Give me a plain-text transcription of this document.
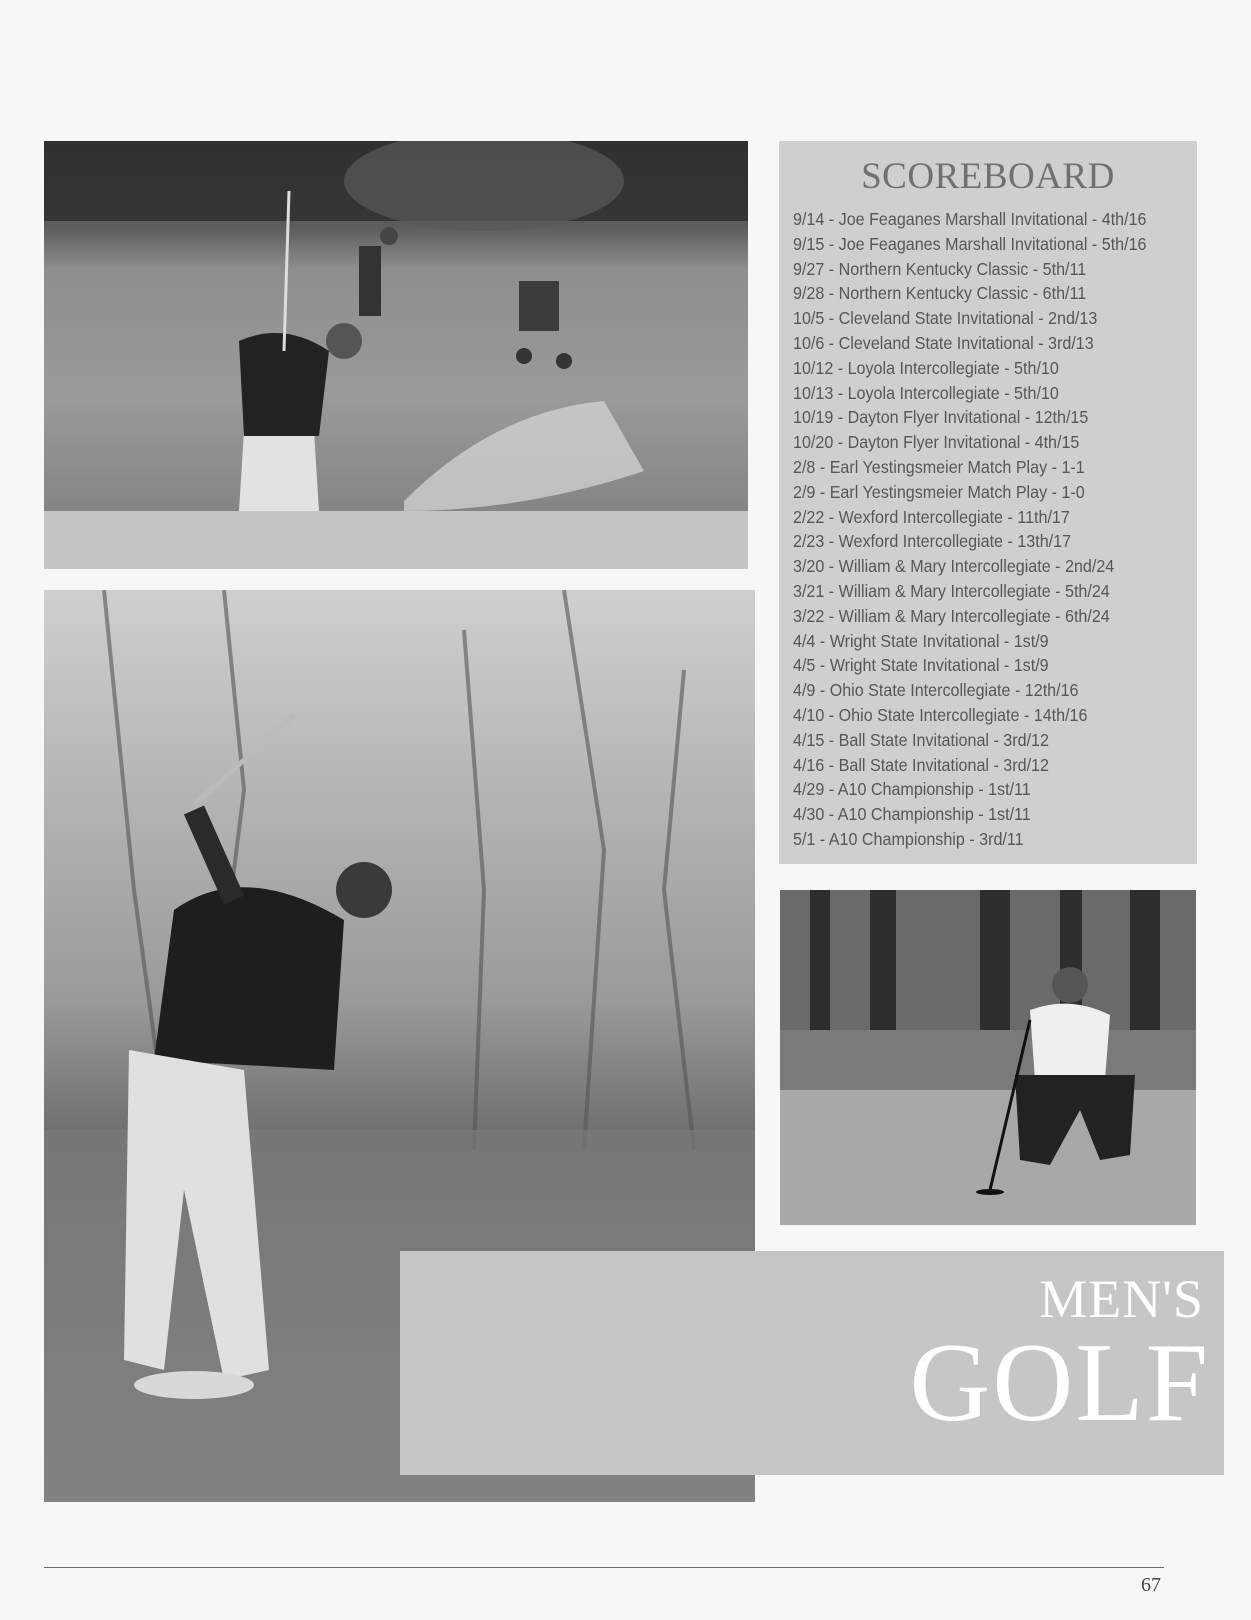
SCOREBOARD
9/14 - Joe Feaganes Marshall Invitational - 4th/16
9/15 - Joe Feaganes Marshall Invitational - 5th/16
9/27 - Northern Kentucky Classic - 5th/11
9/28 - Northern Kentucky Classic - 6th/11
10/5 - Cleveland State Invitational - 2nd/13
10/6 - Cleveland State Invitational - 3rd/13
10/12 - Loyola Intercollegiate - 5th/10
10/13 - Loyola Intercollegiate - 5th/10
10/19 - Dayton Flyer Invitational - 12th/15
10/20 - Dayton Flyer Invitational - 4th/15
2/8 - Earl Yestingsmeier Match Play - 1-1
2/9 - Earl Yestingsmeier Match Play - 1-0
2/22 - Wexford Intercollegiate - 11th/17
2/23 - Wexford Intercollegiate - 13th/17
3/20 - William & Mary Intercollegiate - 2nd/24
3/21 - William & Mary Intercollegiate - 5th/24
3/22 - William & Mary Intercollegiate - 6th/24
4/4 - Wright State Invitational - 1st/9
4/5 - Wright State Invitational - 1st/9
4/9 - Ohio State Intercollegiate - 12th/16
4/10 - Ohio State Intercollegiate - 14th/16
4/15 - Ball State Invitational - 3rd/12
4/16 - Ball State Invitational - 3rd/12
4/29 - A10 Championship - 1st/11
4/30 - A10 Championship - 1st/11
5/1 - A10 Championship - 3rd/11
MEN'S
GOLF
67
